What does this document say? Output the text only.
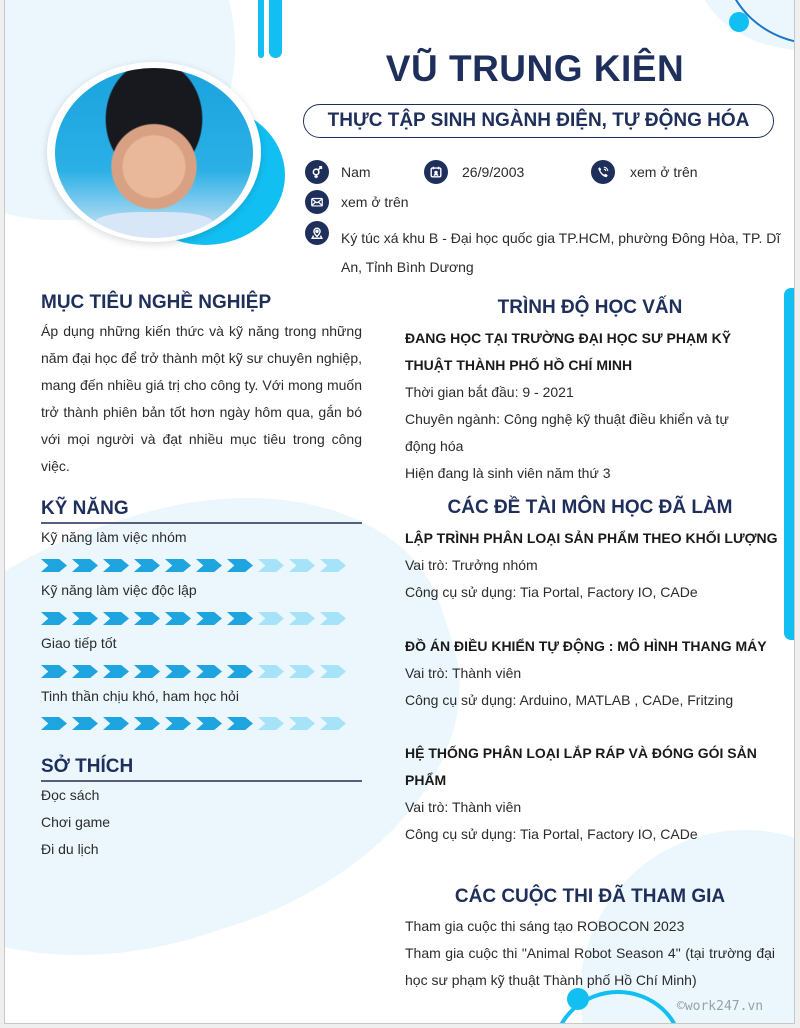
VŨ TRUNG KIÊN
THỰC TẬP SINH NGÀNH ĐIỆN, TỰ ĐỘNG HÓA
Nam	26/9/2003	xem ở trên
xem ở trên
Ký túc xá khu B - Đại học quốc gia TP.HCM, phường Đông Hòa, TP. Dĩ An, Tỉnh Bình Dương
MỤC TIÊU NGHỀ NGHIỆP
Áp dụng những kiến thức và kỹ năng trong những năm đại học để trở thành một kỹ sư chuyên nghiệp, mang đến nhiều giá trị cho công ty. Với mong muốn trở thành phiên bản tốt hơn ngày hôm qua, gắn bó với mọi người và đạt nhiều mục tiêu trong công việc.
KỸ NĂNG
Kỹ năng làm việc nhóm
Kỹ năng làm việc độc lập
Giao tiếp tốt
Tinh thần chịu khó, ham học hỏi
SỞ THÍCH
Đọc sách
Chơi game
Đi du lịch
TRÌNH ĐỘ HỌC VẤN
ĐANG HỌC TẠI TRƯỜNG ĐẠI HỌC SƯ PHẠM KỸ THUẬT THÀNH PHỐ HỒ CHÍ MINH
Thời gian bắt đầu: 9 - 2021
Chuyên ngành: Công nghệ kỹ thuật điều khiển và tự động hóa
Hiện đang là sinh viên năm thứ 3
CÁC ĐỀ TÀI MÔN HỌC ĐÃ LÀM
LẬP TRÌNH PHÂN LOẠI SẢN PHẨM THEO KHỐI LƯỢNG
Vai trò: Trưởng nhóm
Công cụ sử dụng: Tia Portal, Factory IO, CADe
ĐỒ ÁN ĐIỀU KHIỂN TỰ ĐỘNG : MÔ HÌNH THANG MÁY
Vai trò: Thành viên
Công cụ sử dụng: Arduino, MATLAB , CADe, Fritzing
HỆ THỐNG PHÂN LOẠI LẮP RÁP VÀ ĐÓNG GÓI SẢN PHẨM
Vai trò: Thành viên
Công cụ sử dụng: Tia Portal, Factory IO, CADe
CÁC CUỘC THI ĐÃ THAM GIA
Tham gia cuộc thi sáng tạo ROBOCON 2023
Tham gia cuộc thi "Animal Robot Season 4" (tại trường đại học sư phạm kỹ thuật Thành phố Hồ Chí Minh)
©work247.vn
